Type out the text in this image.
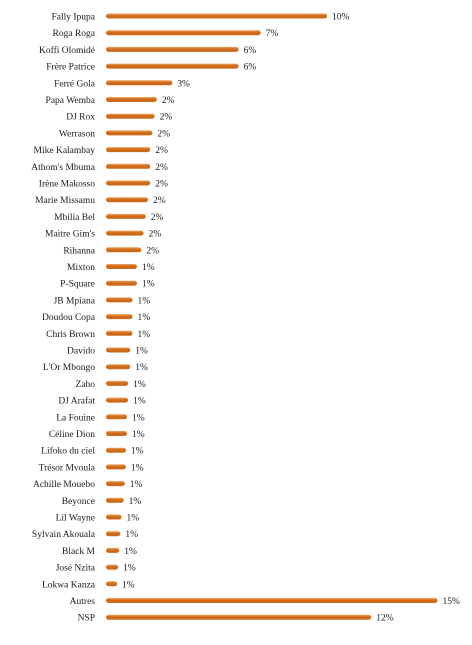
Fally Ipupa
Roga Roga
Koffi Olomidé
Frère Patrice
Ferré Gola
Papa Wemba
DJ Rox
Werrason
Mike Kalambay
Athom's Mbuma
Irène Makosso
Marie Missamu
Mbilia Bel
Maitre Gim's
Rihanna
Mixton
P-Square
JB Mpiana
Doudou Copa
Chris Brown
Davido
L'Or Mbongo
Zaho
DJ Arafat
La Fouine
Céline Dion
Lifoko du ciel
Trésor Mvoula
Achille Mouebo
Beyonce
Lil Wayne
Sylvain Akouala
Black M
José Nzita
Lokwa Kanza
Autres
NSP
10%
7%
6%
6%
3%
2%
2%
2%
2%
2%
2%
2%
2%
2%
2%
1%
1%
1%
1%
1%
1%
1%
1%
1%
1%
1%
1%
1%
1%
1%
1%
1%
1%
1%
1%
15%
12%
